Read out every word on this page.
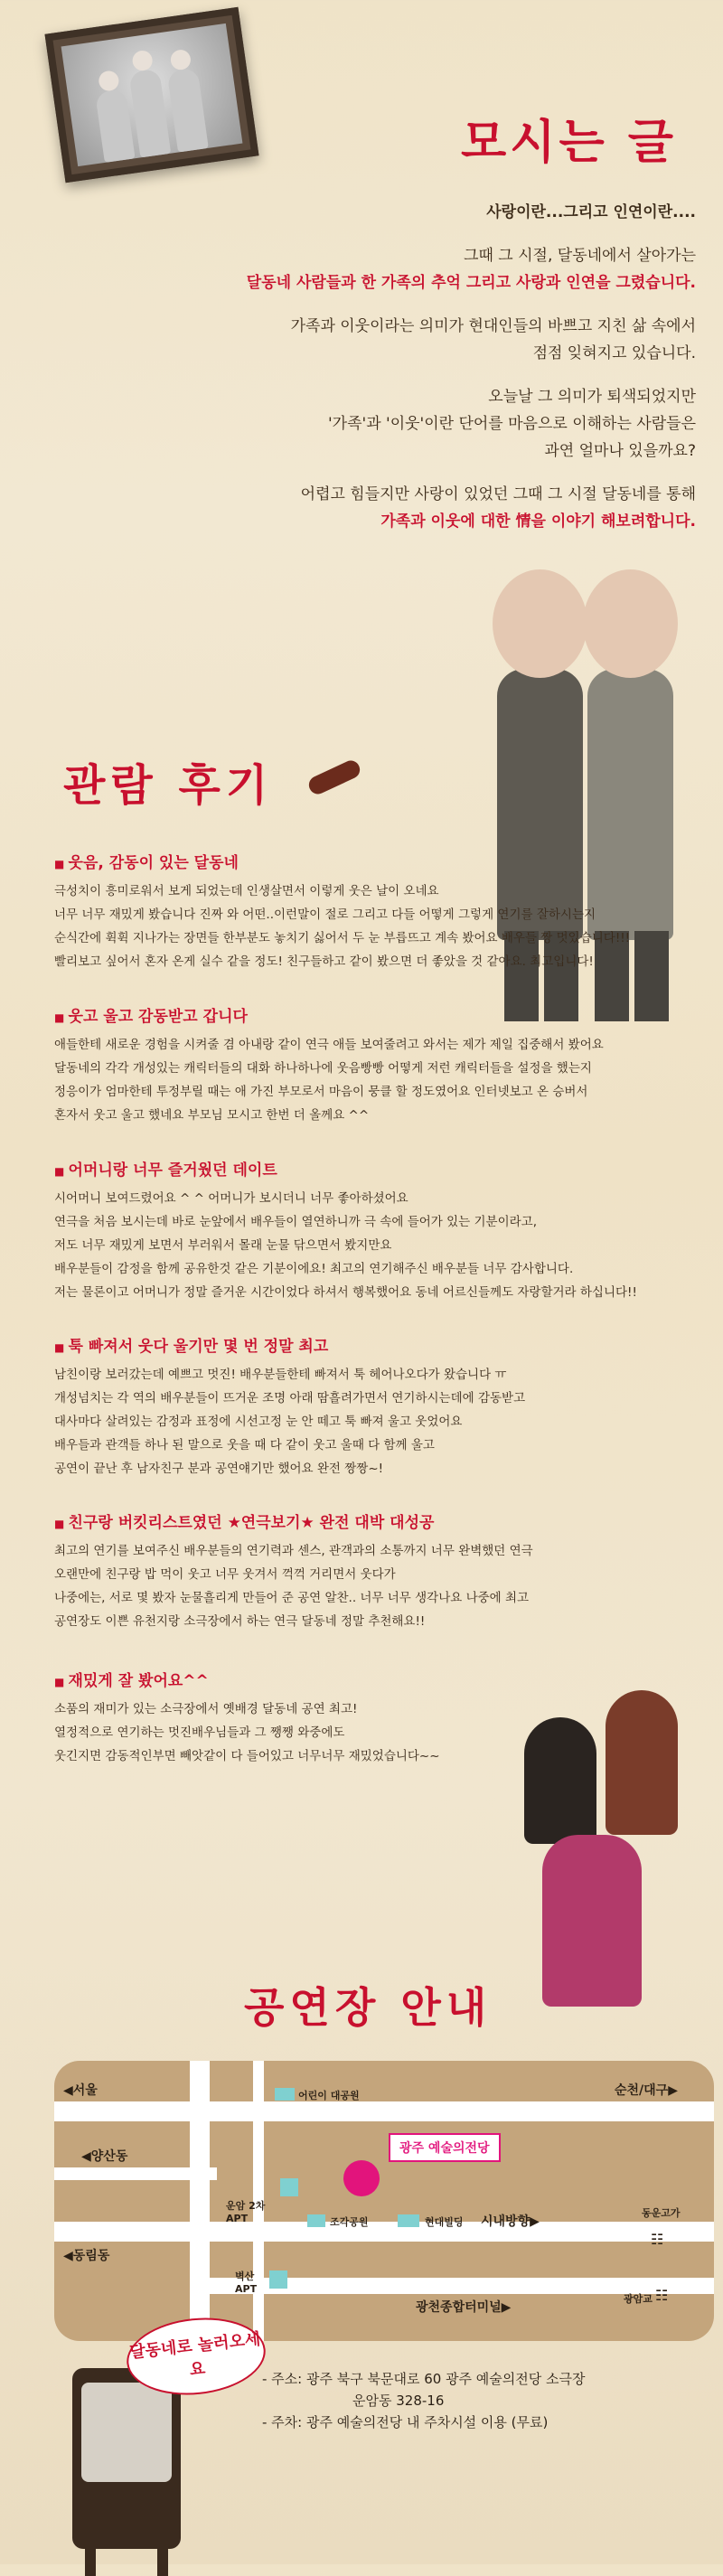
모시는 글
사랑이란...그리고 인연이란....
그때 그 시절, 달동네에서 살아가는
달동네 사람들과 한 가족의 추억 그리고 사랑과 인연을 그렸습니다.
가족과 이웃이라는 의미가 현대인들의 바쁘고 지친 삶 속에서
점점 잊혀지고 있습니다.
오늘날 그 의미가 퇴색되었지만
'가족'과 '이웃'이란 단어를 마음으로 이해하는 사람들은
과연 얼마나 있을까요?
어렵고 힘들지만 사랑이 있었던 그때 그 시절 달동네를 통해
가족과 이웃에 대한 情을 이야기 해보려합니다.
관람 후기
■ 웃음, 감동이 있는 달동네
극성치이 흥미로워서 보게 되었는데 인생살면서 이렇게 웃은 날이 오네요
너무 너무 재밌게 봤습니다 진짜 와 어떤..이런말이 절로 그리고 다들 어떻게 그렇게 연기를 잘하시는지
순식간에 휙휙 지나가는 장면들 한부분도 놓치기 싫어서 두 눈 부릅뜨고 계속 봤어요 배우들 짱 멋있습니다!!!
빨리보고 싶어서 혼자 온게 실수 같을 정도! 친구들하고 같이 봤으면 더 좋았을 것 같아요. 최고입니다!
■ 웃고 울고 감동받고 갑니다
애들한테 새로운 경험을 시켜줄 겸 아내랑 같이 연극 애들 보여줄려고 와서는 제가 제일 집중해서 봤어요
달동네의 각각 개성있는 캐릭터들의 대화 하나하나에 웃음빵빵 어떻게 저런 캐릭터들을 설정을 했는지
정응이가 엄마한테 투정부릴 때는 애 가진 부모로서 마음이 뭉클 할 정도였어요 인터넷보고 온 승버서
혼자서 웃고 울고 했네요 부모님 모시고 한번 더 올께요 ^^
■ 어머니랑 너무 즐거웠던 데이트
시어머니 보여드렸어요 ^ ^ 어머니가 보시더니 너무 좋아하셨어요
연극을 처음 보시는데 바로 눈앞에서 배우들이 열연하니까 극 속에 들어가 있는 기분이라고,
저도 너무 재밌게 보면서 부러워서 몰래 눈물 닦으면서 봤지만요
배우분들이 감정을 함께 공유한것 같은 기분이에요! 최고의 연기해주신 배우분들 너무 감사합니다.
저는 물론이고 어머니가 정말 즐거운 시간이었다 하셔서 행복했어요 동네 어르신들께도 자랑할거라 하십니다!!
■ 툭 빠져서 웃다 울기만 몇 번 정말 최고
남친이랑 보러갔는데 예쁘고 멋진! 배우분들한테 빠져서 툭 헤어나오다가 왔습니다 ㅠ
개성넘치는 각 역의 배우분들이 뜨거운 조명 아래 땀흘려가면서 연기하시는데에 감동받고
대사마다 살려있는 감정과 표정에 시선고정 눈 안 떼고 툭 빠져 울고 웃었어요
배우들과 관객들 하나 된 말으로 웃을 때 다 같이 웃고 울때 다 함께 울고
공연이 끝난 후 남자친구 분과 공연얘기만 했어요 완전 짱짱~!
■ 친구랑 버킷리스트였던 ★연극보기★ 완전 대박 대성공
최고의 연기를 보여주신 배우분들의 연기력과 센스, 관객과의 소통까지 너무 완벽했던 연극
오랜만에 친구랑 밥 먹이 웃고 너무 웃겨서 꺽꺽 거리면서 웃다가
나중에는, 서로 몇 봤자 눈물흘리게 만들어 준 공연 알찬.. 너무 너무 생각나요 나중에 최고
공연장도 이쁜 유천지랑 소극장에서 하는 연극 달동네 정말 추천해요!!
■ 재밌게 잘 봤어요^^
소품의 재미가 있는 소극장에서 옛배경 달동네 공연 최고!
열정적으로 연기하는 멋진배우님들과 그 쨍쨍 와중에도
웃긴지면 감동적인부면 빼앗같이 다 들어있고 너무너무 재밌었습니다~~
공연장 안내
◀서울	순천/대구▶
◀양산동
◀동림동
어린이 대공원
광주 예술의전당
운암 2차 APT	조각공원	현대빌딩 시내방향▶
동운고가
☷
벽산 APT
광천종합터미널▶
광암교 ☷
달동네로 놀러오세요	- 주소: 광주 북구 북문대로 60 광주 예술의전당 소극장
운암동 328-16
- 주차: 광주 예술의전당 내 주차시설 이용 (무료)
